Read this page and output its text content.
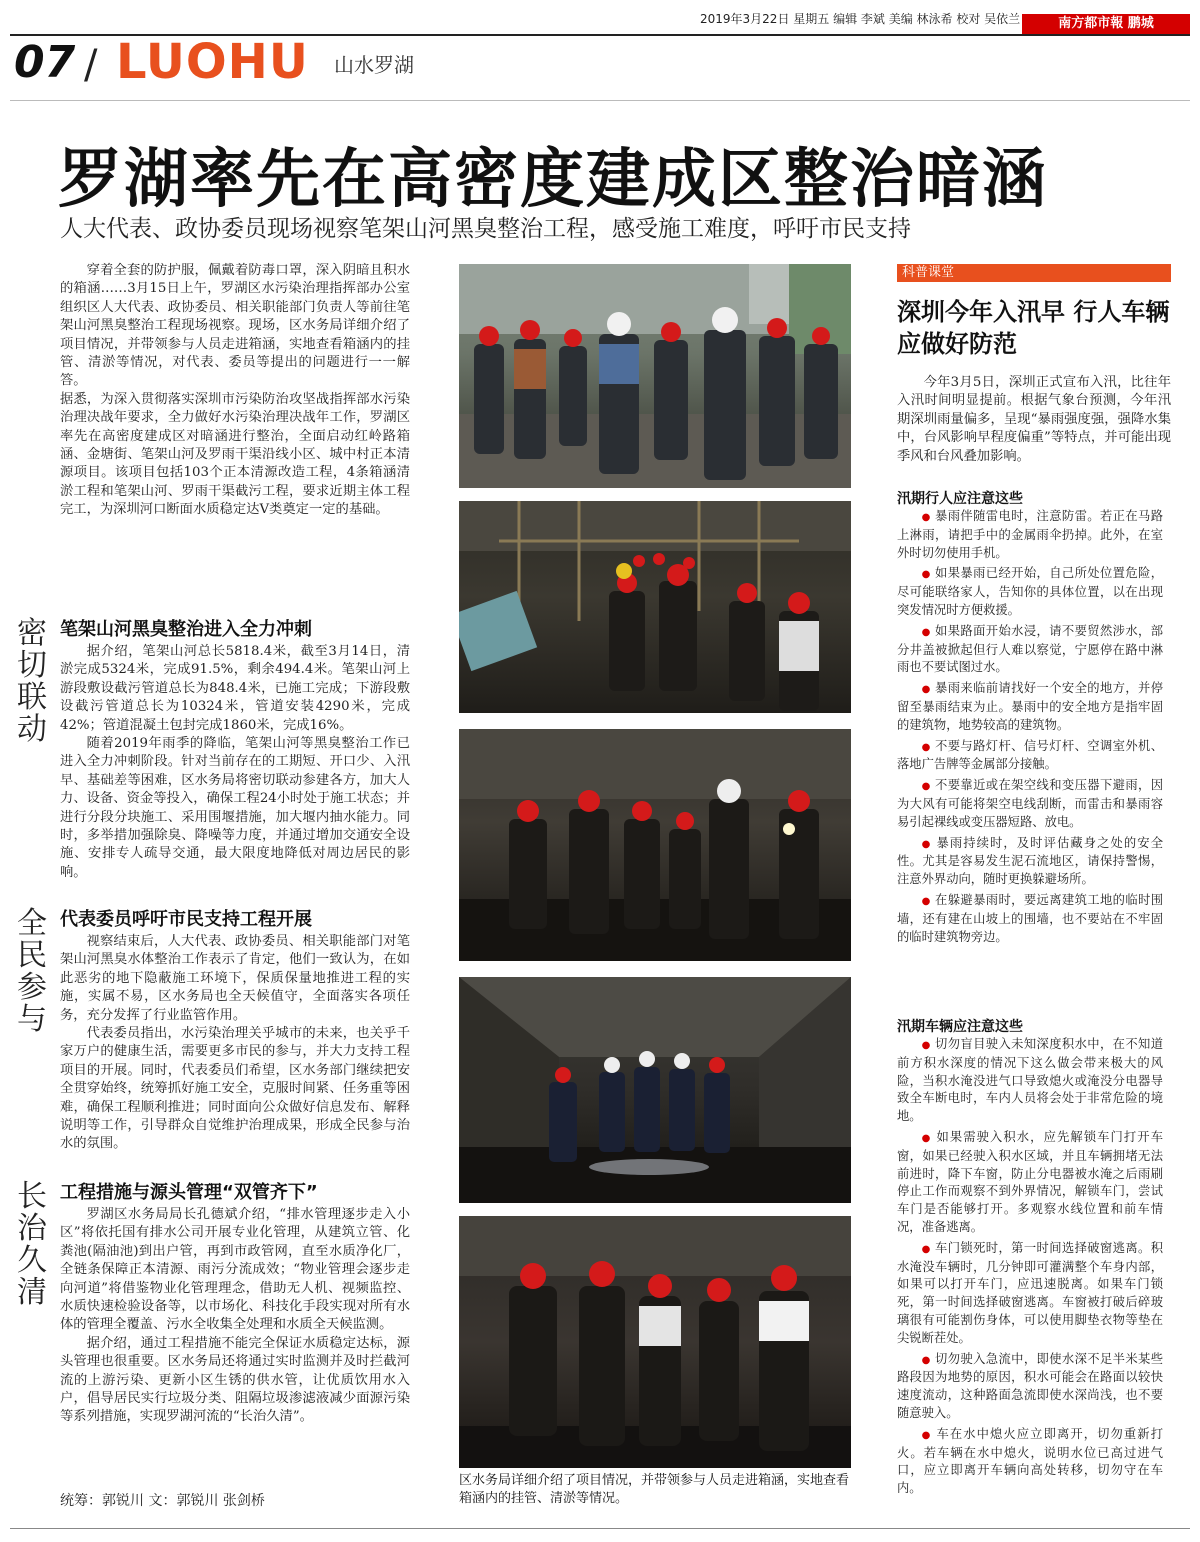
2019年3月22日 星期五 编辑 李斌 美编 林泳希 校对 吴依兰	南方都市報 鹏城
07 / LUOHU 山水罗湖
罗湖率先在高密度建成区整治暗涵
人大代表、政协委员现场视察笔架山河黑臭整治工程，感受施工难度，呼吁市民支持

穿着全套的防护服，佩戴着防毒口罩，深入阴暗且积水的箱涵……3月15日上午，罗湖区水污染治理指挥部办公室组织区人大代表、政协委员、相关职能部门负责人等前往笔架山河黑臭整治工程现场视察。现场，区水务局详细介绍了项目情况，并带领参与人员走进箱涵，实地查看箱涵内的挂管、清淤等情况，对代表、委员等提出的问题进行一一解答。

据悉，为深入贯彻落实深圳市污染防治攻坚战指挥部水污染治理决战年要求，全力做好水污染治理决战年工作，罗湖区率先在高密度建成区对暗涵进行整治，全面启动红岭路箱涵、金塘街、笔架山河及罗雨干渠沿线小区、城中村正本清源项目。该项目包括103个正本清源改造工程，4条箱涵清淤工程和笔架山河、罗雨干渠截污工程，要求近期主体工程完工，为深圳河口断面水质稳定达V类奠定一定的基础。

密切联动
笔架山河黑臭整治进入全力冲刺

据介绍，笔架山河总长5818.4米，截至3月14日，清淤完成5324米，完成91.5%，剩余494.4米。笔架山河上游段敷设截污管道总长为848.4米，已施工完成；下游段敷设截污管道总长为10324米，管道安装4290米，完成42%；管道混凝土包封完成1860米，完成16%。

随着2019年雨季的降临，笔架山河等黑臭整治工作已进入全力冲刺阶段。针对当前存在的工期短、开口少、入汛早、基础差等困难，区水务局将密切联动参建各方，加大人力、设备、资金等投入，确保工程24小时处于施工状态；并进行分段分块施工、采用围堰措施，加大堰内抽水能力。同时，多举措加强除臭、降噪等力度，并通过增加交通安全设施、安排专人疏导交通，最大限度地降低对周边居民的影响。

全民参与
代表委员呼吁市民支持工程开展

视察结束后，人大代表、政协委员、相关职能部门对笔架山河黑臭水体整治工作表示了肯定，他们一致认为，在如此恶劣的地下隐蔽施工环境下，保质保量地推进工程的实施，实属不易，区水务局也全天候值守，全面落实各项任务，充分发挥了行业监管作用。

代表委员指出，水污染治理关乎城市的未来，也关乎千家万户的健康生活，需要更多市民的参与，并大力支持工程项目的开展。同时，代表委员们希望，区水务部门继续把安全贯穿始终，统筹抓好施工安全，克服时间紧、任务重等困难，确保工程顺利推进；同时面向公众做好信息发布、解释说明等工作，引导群众自觉维护治理成果，形成全民参与治水的氛围。

长治久清
工程措施与源头管理“双管齐下”

罗湖区水务局局长孔德斌介绍，“排水管理逐步走入小区”将依托国有排水公司开展专业化管理，从建筑立管、化粪池(隔油池)到出户管，再到市政管网，直至水质净化厂，全链条保障正本清源、雨污分流成效；“物业管理会逐步走向河道”将借鉴物业化管理理念，借助无人机、视频监控、水质快速检验设备等，以市场化、科技化手段实现对所有水体的管理全覆盖、污水全收集全处理和水质全天候监测。

据介绍，通过工程措施不能完全保证水质稳定达标，源头管理也很重要。区水务局还将通过实时监测并及时拦截河流的上游污染、更新小区生锈的供水管，让优质饮用水入户，倡导居民实行垃圾分类、阻隔垃圾渗滤液减少面源污染等系列措施，实现罗湖河流的“长治久清”。

统筹：郭锐川 文：郭锐川 张剑桥
区水务局详细介绍了项目情况，并带领参与人员走进箱涵，实地查看箱涵内的挂管、清淤等情况。
科普课堂
深圳今年入汛早 行人车辆应做好防范

今年3月5日，深圳正式宣布入汛，比往年入汛时间明显提前。根据气象台预测，今年汛期深圳雨量偏多，呈现“暴雨强度强，强降水集中，台风影响早程度偏重”等特点，并可能出现季风和台风叠加影响。

汛期行人应注意这些

● 暴雨伴随雷电时，注意防雷。若正在马路上淋雨，请把手中的金属雨伞扔掉。此外，在室外时切勿使用手机。

● 如果暴雨已经开始，自己所处位置危险，尽可能联络家人，告知你的具体位置，以在出现突发情况时方便救援。

● 如果路面开始水浸，请不要贸然涉水，部分井盖被掀起但行人难以察觉，宁愿停在路中淋雨也不要试图过水。

● 暴雨来临前请找好一个安全的地方，并停留至暴雨结束为止。暴雨中的安全地方是指牢固的建筑物，地势较高的建筑物。

● 不要与路灯杆、信号灯杆、空调室外机、落地广告牌等金属部分接触。

● 不要靠近或在架空线和变压器下避雨，因为大风有可能将架空电线刮断，而雷击和暴雨容易引起裸线或变压器短路、放电。

● 暴雨持续时，及时评估藏身之处的安全性。尤其是容易发生泥石流地区，请保持警惕，注意外界动向，随时更换躲避场所。

● 在躲避暴雨时，要远离建筑工地的临时围墙，还有建在山坡上的围墙，也不要站在不牢固的临时建筑物旁边。

汛期车辆应注意这些

● 切勿盲目驶入未知深度积水中，在不知道前方积水深度的情况下这么做会带来极大的风险，当积水淹没进气口导致熄火或淹没分电器导致全车断电时，车内人员将会处于非常危险的境地。

● 如果需驶入积水，应先解锁车门打开车窗，如果已经驶入积水区域，并且车辆拥堵无法前进时，降下车窗，防止分电器被水淹之后雨刷停止工作而观察不到外界情况，解锁车门，尝试车门是否能够打开。多观察水线位置和前车情况，准备逃离。

● 车门锁死时，第一时间选择破窗逃离。积水淹没车辆时，几分钟即可灌满整个车身内部，如果可以打开车门，应迅速脱离。如果车门锁死，第一时间选择破窗逃离。车窗被打破后碎玻璃很有可能割伤身体，可以使用脚垫衣物等垫在尖锐断茬处。

● 切勿驶入急流中，即使水深不足半米某些路段因为地势的原因，积水可能会在路面以较快速度流动，这种路面急流即使水深尚浅，也不要随意驶入。

● 车在水中熄火应立即离开，切勿重新打火。若车辆在水中熄火，说明水位已高过进气口，应立即离开车辆向高处转移，切勿守在车内。
